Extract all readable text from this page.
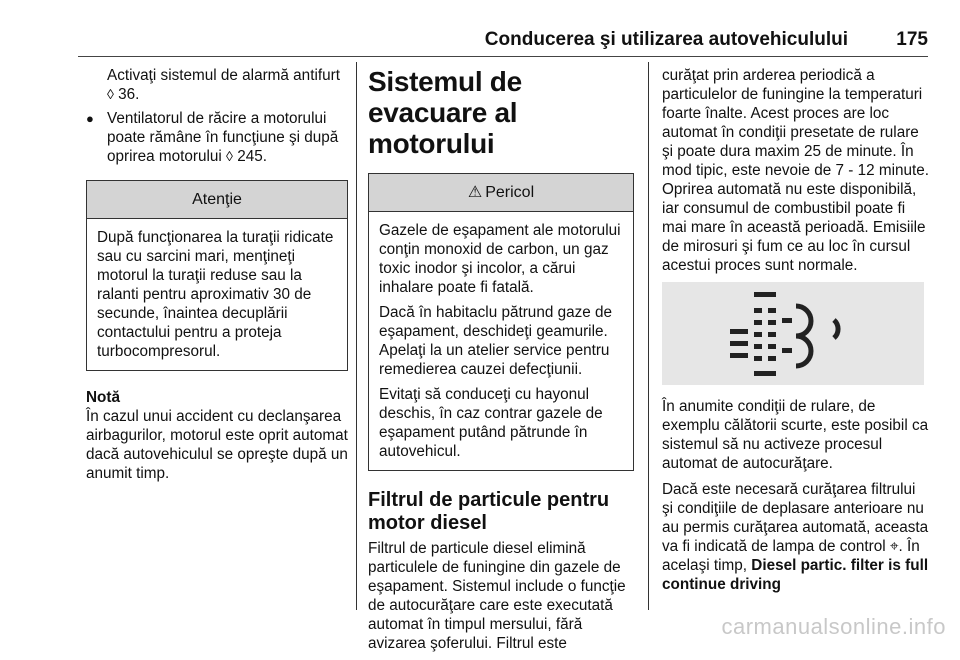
Conducerea şi utilizarea autovehiculului	175

Activaţi sistemul de alarmă antifurt ◊ 36.

● Ventilatorul de răcire a motorului poate rămâne în funcţiune şi după oprirea motorului ◊ 245.
Atenţie

După funcţionarea la turaţii ridicate sau cu sarcini mari, menţineţi motorul la turaţii reduse sau la ralanti pentru aproximativ 30 de secunde, înaintea decuplării contactului pentru a proteja turbocompresorul.

Notă

În cazul unui accident cu declanşarea airbagurilor, motorul este oprit automat dacă autovehiculul se opreşte după un anumit timp.

Sistemul de evacuare al motorului
⚠ Pericol

Gazele de eşapament ale motorului conţin monoxid de carbon, un gaz toxic inodor şi incolor, a cărui inhalare poate fi fatală.

Dacă în habitaclu pătrund gaze de eşapament, deschideţi geamurile. Apelaţi la un atelier service pentru remedierea cauzei defecţiunii.

Evitaţi să conduceţi cu hayonul deschis, în caz contrar gazele de eşapament putând pătrunde în autovehicul.

Filtrul de particule pentru motor diesel

Filtrul de particule diesel elimină particulele de funingine din gazele de eşapament. Sistemul include o funcţie de autocurăţare care este executată automat în timpul mersului, fără avizarea şoferului. Filtrul este

curăţat prin arderea periodică a particulelor de funingine la temperaturi foarte înalte. Acest proces are loc automat în condiţii presetate de rulare şi poate dura maxim 25 de minute. În mod tipic, este nevoie de 7 - 12 minute. Oprirea automată nu este disponibilă, iar consumul de combustibil poate fi mai mare în această perioadă. Emisiile de mirosuri şi fum ce au loc în cursul acestui proces sunt normale.

În anumite condiţii de rulare, de exemplu călătorii scurte, este posibil ca sistemul să nu activeze procesul automat de autocurăţare.

Dacă este necesară curăţarea filtrului şi condiţiile de deplasare anterioare nu au permis curăţarea automată, aceasta va fi indicată de lampa de control ⌖. În acelaşi timp, Diesel partic. filter is full continue driving

carmanualsonline.info
